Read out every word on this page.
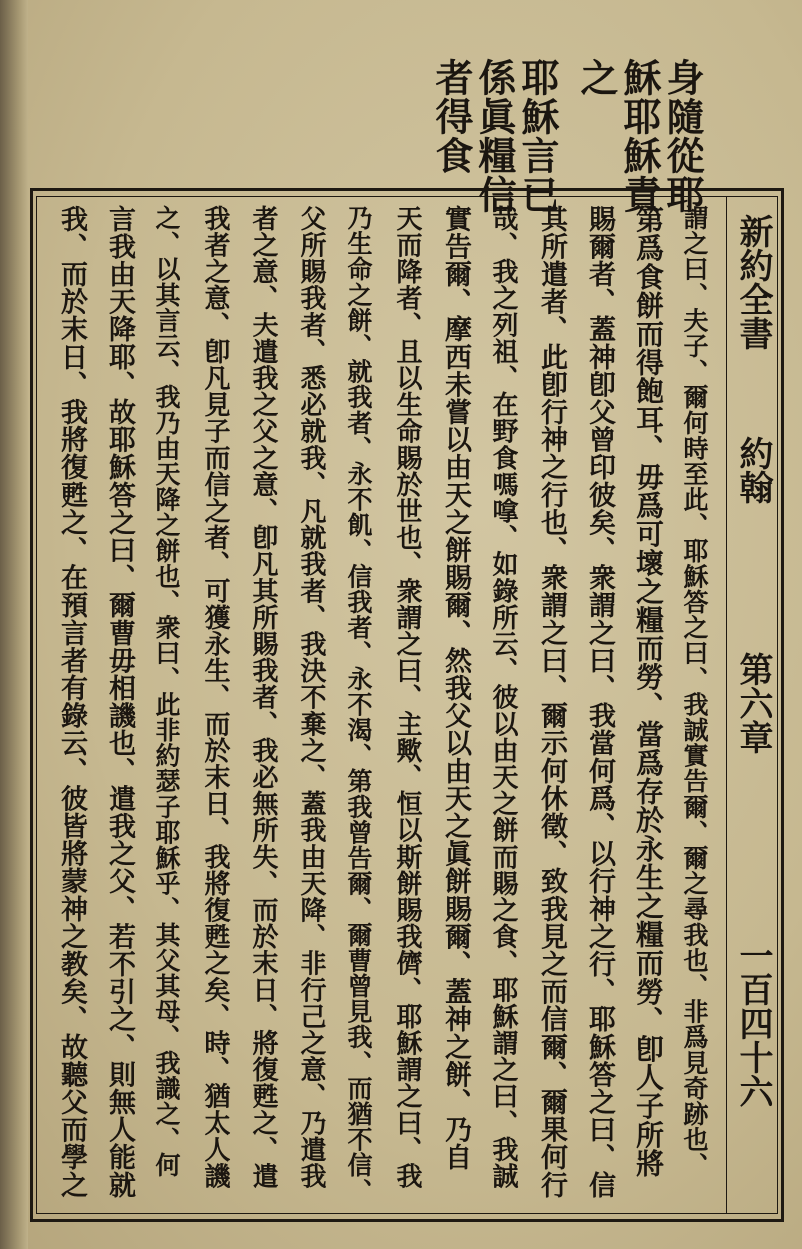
身隨從耶
穌耶穌責
之
耶穌言已
係眞糧信
者得食
新約全書
約翰
第六章
一百四十六
謂之曰、夫子、爾何時至此、耶穌答之曰、我誠實告爾、爾之尋我也、非爲見奇跡也、
第爲食餅而得飽耳、毋爲可壞之糧而勞、當爲存於永生之糧而勞、卽人子所將
賜爾者、蓋神卽父曾印彼矣、衆謂之曰、我當何爲、以行神之行、耶穌答之曰、信
其所遣者、此卽行神之行也、衆謂之曰、爾示何休徵、致我見之而信爾、爾果何行
哉、我之列祖、在野食嗎嗱、如錄所云、彼以由天之餅而賜之食、耶穌謂之曰、我誠
實告爾、摩西未嘗以由天之餅賜爾、然我父以由天之眞餅賜爾、蓋神之餅、乃自
天而降者、且以生命賜於世也、衆謂之曰、主歟、恒以斯餅賜我儕、耶穌謂之曰、我
乃生命之餅、就我者、永不飢、信我者、永不渴、第我曾告爾、爾曹曾見我、而猶不信、
父所賜我者、悉必就我、凡就我者、我決不棄之、蓋我由天降、非行己之意、乃遣我
者之意、夫遣我之父之意、卽凡其所賜我者、我必無所失、而於末日、將復甦之、遣
我者之意、卽凡見子而信之者、可獲永生、而於末日、我將復甦之矣、時、猶太人譏
之、以其言云、我乃由天降之餅也、衆曰、此非約瑟子耶穌乎、其父其母、我識之、何
言我由天降耶、故耶穌答之曰、爾曹毋相譏也、遣我之父、若不引之、則無人能就
我、而於末日、我將復甦之、在預言者有錄云、彼皆將蒙神之教矣、故聽父而學之
